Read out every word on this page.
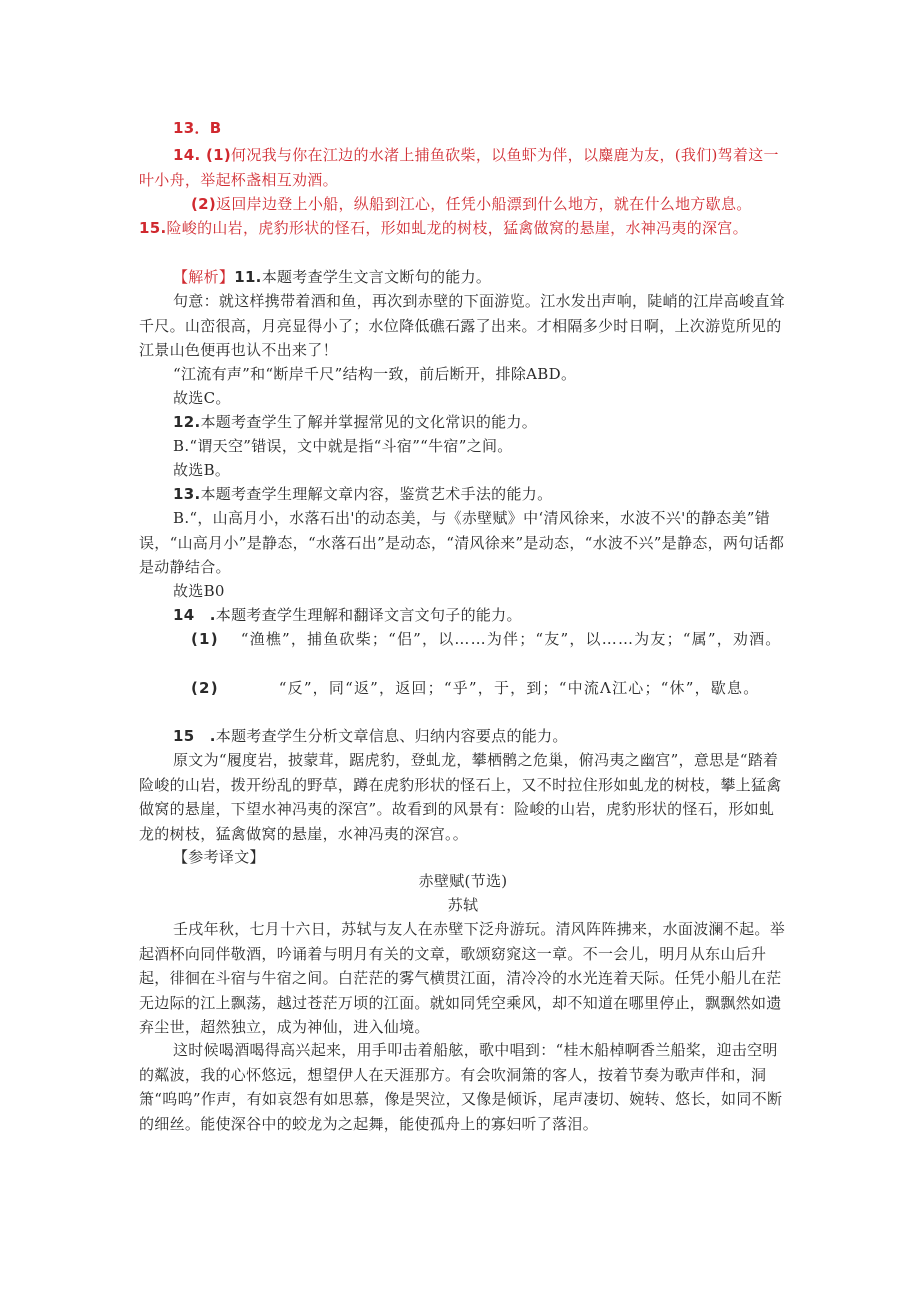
13．B

14. (1)何况我与你在江边的水渚上捕鱼砍柴，以鱼虾为伴，以麋鹿为友，(我们)驾着这一叶小舟，举起杯盏相互劝酒。

(2)返回岸边登上小船，纵船到江心，任凭小船漂到什么地方，就在什么地方歇息。

15.险峻的山岩，虎豹形状的怪石，形如虬龙的树枝，猛禽做窝的悬崖，水神冯夷的深宫。

【解析】11.本题考查学生文言文断句的能力。

句意：就这样携带着酒和鱼，再次到赤壁的下面游览。江水发出声响，陡峭的江岸高峻直耸千尺。山峦很高，月亮显得小了；水位降低礁石露了出来。才相隔多少时日啊，上次游览所见的江景山色便再也认不出来了！

“江流有声”和“断岸千尺”结构一致，前后断开，排除ABD。

故选C。

12.本题考查学生了解并掌握常见的文化常识的能力。

B.“谓天空”错误，文中就是指“斗宿”“牛宿”之间。

故选B。

13.本题考查学生理解文章内容，鉴赏艺术手法的能力。

B.“，山高月小，水落石出'的动态美，与《赤壁赋》中‘清风徐来，水波不兴'的静态美”错误，“山高月小”是静态，“水落石出”是动态，“清风徐来”是动态，“水波不兴”是静态，两句话都是动静结合。

故选B0

14　.本题考查学生理解和翻译文言文句子的能力。

(1) “渔樵”，捕鱼砍柴；“侣”，以……为伴；“友”，以……为友；“属”，劝酒。

(2)	“反”，同“返”，返回；“乎”，于，到；“中流Λ江心；“休”，歇息。

15　.本题考查学生分析文章信息、归纳内容要点的能力。

原文为“履度岩，披蒙茸，踞虎豹，登虬龙，攀栖鹘之危巢，俯冯夷之幽宫”，意思是“踏着险峻的山岩，拨开纷乱的野草，蹲在虎豹形状的怪石上，又不时拉住形如虬龙的树枝，攀上猛禽做窝的悬崖，下望水神冯夷的深宫”。故看到的风景有：险峻的山岩，虎豹形状的怪石，形如虬龙的树枝，猛禽做窝的悬崖，水神冯夷的深宫。。

【参考译文】

赤壁赋(节选)

苏轼

壬戌年秋，七月十六日，苏轼与友人在赤壁下泛舟游玩。清风阵阵拂来，水面波澜不起。举起酒杯向同伴敬酒，吟诵着与明月有关的文章，歌颂窈窕这一章。不一会儿，明月从东山后升起，徘徊在斗宿与牛宿之间。白茫茫的雾气横贯江面，清冷冷的水光连着天际。任凭小船儿在茫无边际的江上飘荡，越过苍茫万顷的江面。就如同凭空乘风，却不知道在哪里停止，飘飘然如遗弃尘世，超然独立，成为神仙，进入仙境。

这时候喝酒喝得高兴起来，用手叩击着船舷，歌中唱到：“桂木船棹啊香兰船桨，迎击空明的粼波，我的心怀悠远，想望伊人在天涯那方。有会吹洞箫的客人，按着节奏为歌声伴和，洞箫“呜呜”作声，有如哀怨有如思慕，像是哭泣，又像是倾诉，尾声凄切、婉转、悠长，如同不断的细丝。能使深谷中的蛟龙为之起舞，能使孤舟上的寡妇听了落泪。
